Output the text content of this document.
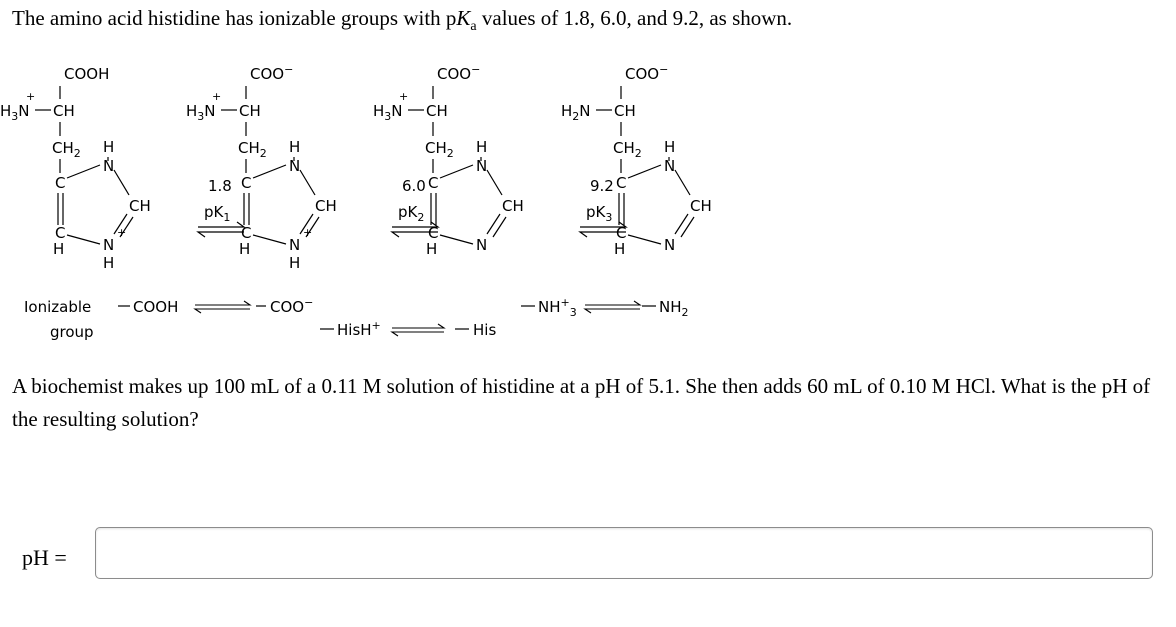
The amino acid histidine has ionizable groups with $pK_a$ values of 1.8, 6.0, and 9.2, as shown.

COOH
+
$H_3N$ CH
$CH_2$
C
H
N
CH
N
+
H
C
H
COO−
+
$H_3N$ CH
$CH_2$
C
H
N
CH
N
+
H
C
H
COO−
+
$H_3N$ CH
$CH_2$
C
H
N
CH
N
C
H
COO−
$H_2N$ CH
$CH_2$
C
H
N
CH
N
C
H
1.8
$pK_1$
6.0
$pK_2$
9.2
$pK_3$
Ionizable
group
COOH	COO−
HisH+	His
$NH^+_3$	$NH_2$

A biochemist makes up 100 mL of a 0.11 M solution of histidine at a pH of 5.1. She then adds 60 mL of 0.10 M HCl. What is the pH of the resulting solution?

pH =
